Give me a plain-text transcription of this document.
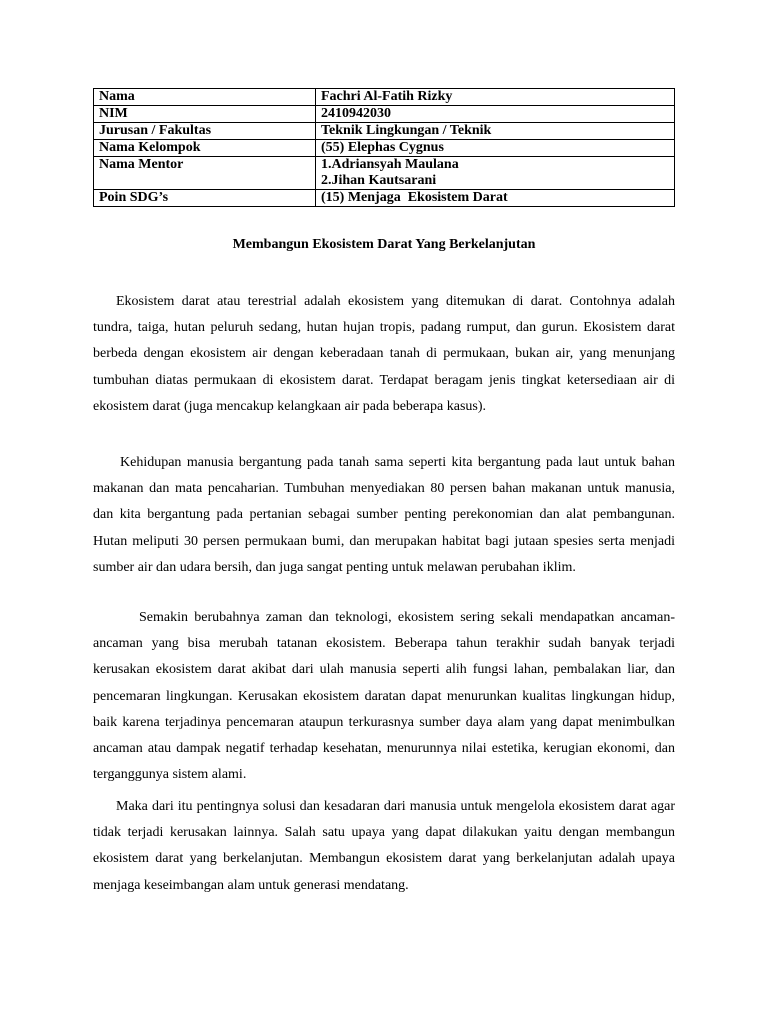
Nama	Fachri Al-Fatih Rizky

NIM	2410942030

Jurusan / Fakultas	Teknik Lingkungan / Teknik

Nama Kelompok	(55) Elephas Cygnus

Nama Mentor	1.Adriansyah Maulana
2.Jihan Kautsarani

Poin SDG’s	(15) Menjaga  Ekosistem Darat
Membangun Ekosistem Darat Yang Berkelanjutan

Ekosistem darat atau terestrial adalah ekosistem yang ditemukan di darat. Contohnya adalah tundra, taiga, hutan peluruh sedang, hutan hujan tropis, padang rumput, dan gurun. Ekosistem darat berbeda dengan ekosistem air dengan keberadaan tanah di permukaan, bukan air, yang menunjang tumbuhan diatas permukaan di ekosistem darat. Terdapat beragam jenis tingkat ketersediaan air di ekosistem darat (juga mencakup kelangkaan air pada beberapa kasus).

Kehidupan manusia bergantung pada tanah sama seperti kita bergantung pada laut untuk bahan makanan dan mata pencaharian. Tumbuhan menyediakan 80 persen bahan makanan untuk manusia, dan kita bergantung pada pertanian sebagai sumber penting perekonomian dan alat pembangunan. Hutan meliputi 30 persen permukaan bumi, dan merupakan habitat bagi jutaan spesies serta menjadi sumber air dan udara bersih, dan juga sangat penting untuk melawan perubahan iklim.

Semakin berubahnya zaman dan teknologi, ekosistem sering sekali mendapatkan ancaman-ancaman yang bisa merubah tatanan ekosistem. Beberapa tahun terakhir sudah banyak terjadi kerusakan ekosistem darat akibat dari ulah manusia seperti alih fungsi lahan, pembalakan liar, dan pencemaran lingkungan. Kerusakan ekosistem daratan dapat menurunkan kualitas lingkungan hidup, baik karena terjadinya pencemaran ataupun terkurasnya sumber daya alam yang dapat menimbulkan ancaman atau dampak negatif terhadap kesehatan, menurunnya nilai estetika, kerugian ekonomi, dan terganggunya sistem alami.

Maka dari itu pentingnya solusi dan kesadaran dari manusia untuk mengelola ekosistem darat agar tidak terjadi kerusakan lainnya. Salah satu upaya yang dapat dilakukan yaitu dengan membangun ekosistem darat yang berkelanjutan. Membangun ekosistem darat yang berkelanjutan adalah upaya menjaga keseimbangan alam untuk generasi mendatang.
